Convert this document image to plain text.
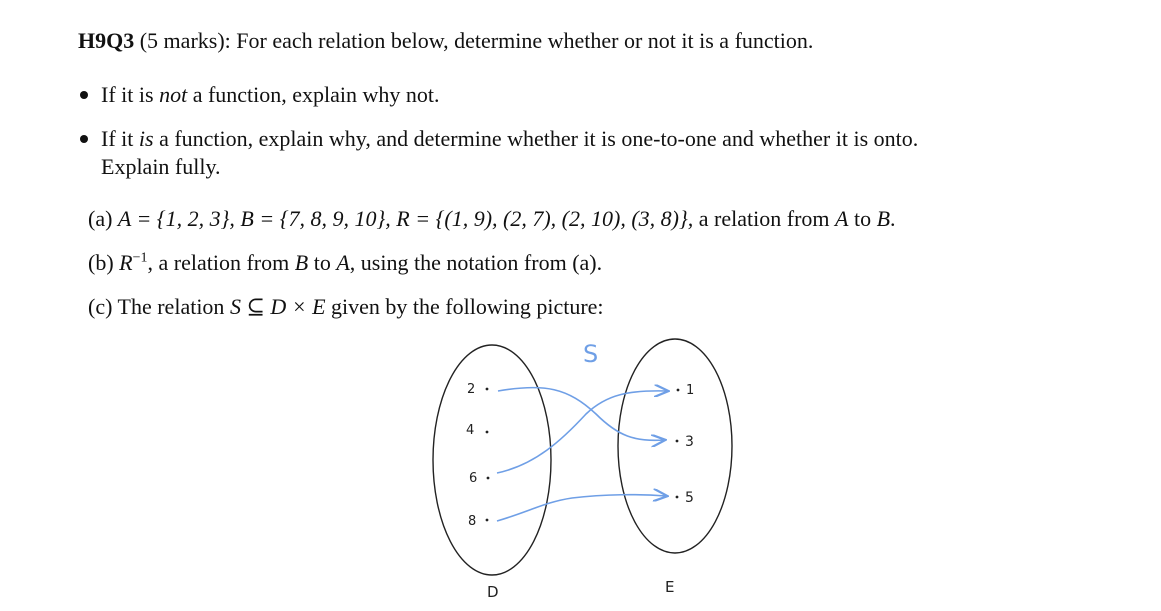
H9Q3 (5 marks): For each relation below, determine whether or not it is a function.
If it is not a function, explain why not.
If it is a function, explain why, and determine whether it is one-to-one and whether it is onto.
Explain fully.
(a) A = {1, 2, 3}, B = {7, 8, 9, 10}, R = {(1, 9), (2, 7), (2, 10), (3, 8)}, a relation from A to B.
(b) $R^{-1}$, a relation from B to A, using the notation from (a).
(c) The relation S ⊆ D × E given by the following picture:
S
2
4
6
8
1
3
5
D	E
